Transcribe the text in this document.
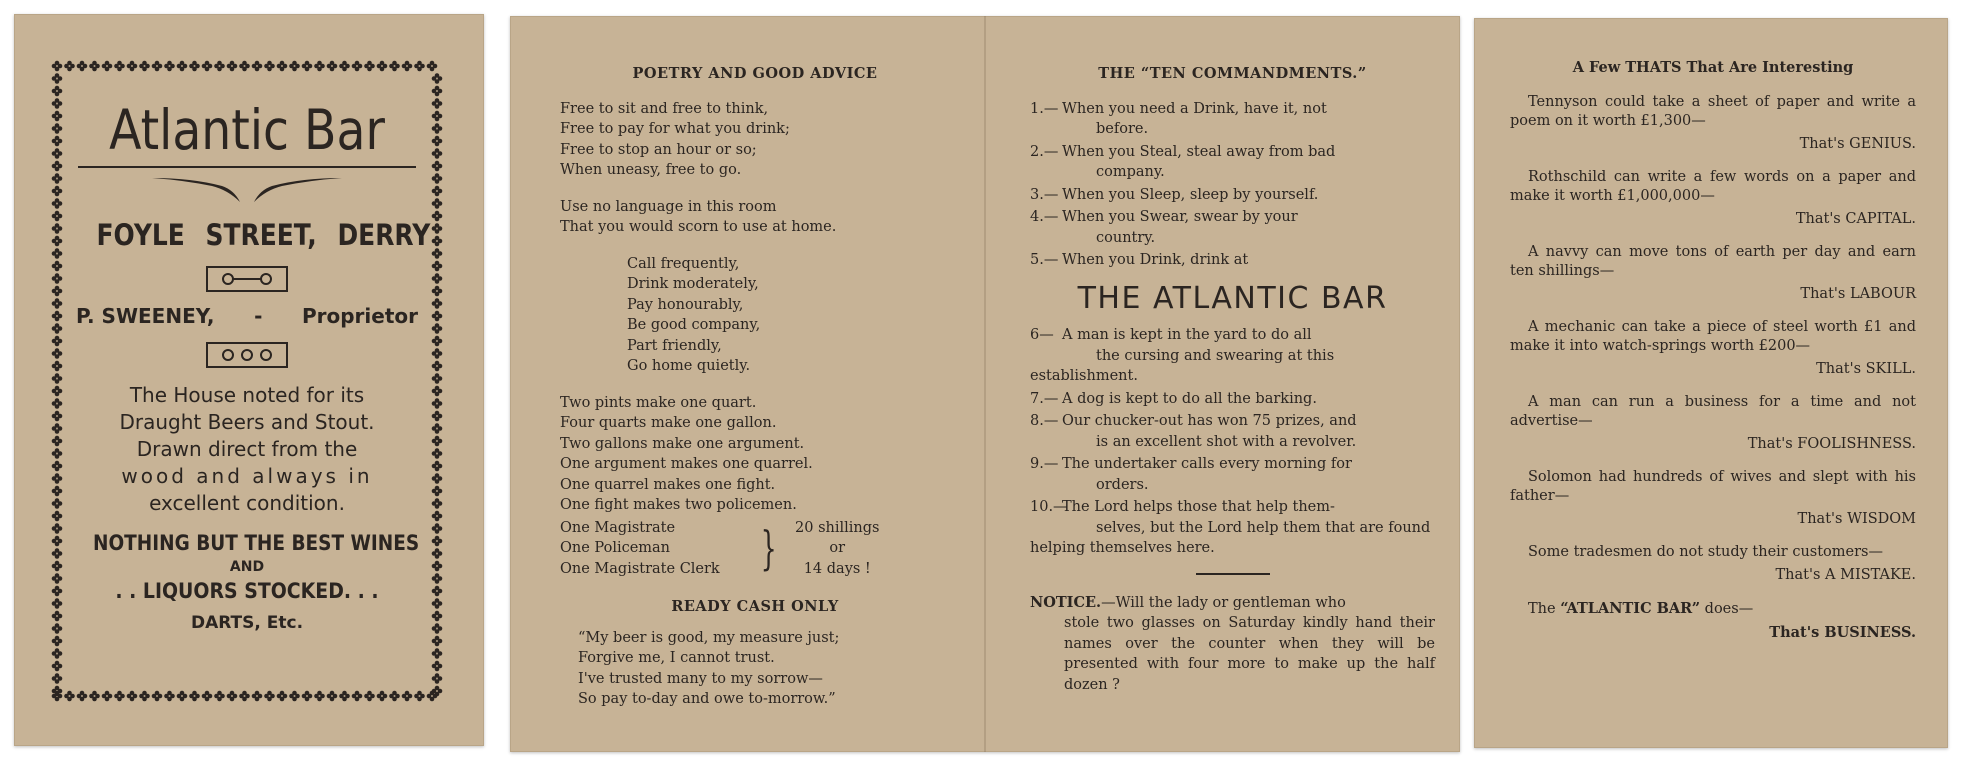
Atlantic Bar
FOYLE STREET, DERRY
P. SWEENEY, - Proprietor
The House noted for its
Draught Beers and Stout.
Drawn direct from the
wood and always in
excellent condition.
NOTHING BUT THE BEST WINES
AND
. . LIQUORS STOCKED. . .
DARTS, Etc.
POETRY AND GOOD ADVICE
Free to sit and free to think,
Free to pay for what you drink;
Free to stop an hour or so;
When uneasy, free to go.
Use no language in this room
That you would scorn to use at home.
Call frequently,
Drink moderately,
Pay honourably,
Be good company,
Part friendly,
Go home quietly.
Two pints make one quart.
Four quarts make one gallon.
Two gallons make one argument.
One argument makes one quarrel.
One quarrel makes one fight.
One fight makes two policemen.
One Magistrate
One Policeman
One Magistrate Clerk } 20 shillings
or
14 days !
READY CASH ONLY
“My beer is good, my measure just;
Forgive me, I cannot trust.
I've trusted many to my sorrow—
So pay to-day and owe to-morrow.”
THE “TEN COMMANDMENTS.”
1.— When you need a Drink, have it, not
before.
2.— When you Steal, steal away from bad
company.
3.— When you Sleep, sleep by yourself.
4.— When you Swear, swear by your
country.
5.— When you Drink, drink at
THE ATLANTIC BAR
6— A man is kept in the yard to do all
the cursing and swearing at this establishment.
7.— A dog is kept to do all the barking.
8.— Our chucker-out has won 75 prizes, and
is an excellent shot with a revolver.
9.— The undertaker calls every morning for
orders.
10.—
The Lord helps those that help them-
selves, but the Lord help them that are found helping themselves here.
NOTICE.—Will the lady or gentleman who
stole two glasses on Saturday kindly hand their names over the counter when they will be presented with four more to make up the half dozen ?
A Few THATS That Are Interesting
Tennyson could take a sheet of paper and write a poem on it worth £1,300—
That's GENIUS.
Rothschild can write a few words on a paper and make it worth £1,000,000—
That's CAPITAL.
A navvy can move tons of earth per day and earn ten shillings—
That's LABOUR
A mechanic can take a piece of steel worth £1 and make it into watch-springs worth £200—
That's SKILL.
A man can run a business for a time and not advertise—
That's FOOLISHNESS.
Solomon had hundreds of wives and slept with his father—
That's WISDOM
Some tradesmen do not study their customers—
That's A MISTAKE.
The “ATLANTIC BAR” does—
That's BUSINESS.
